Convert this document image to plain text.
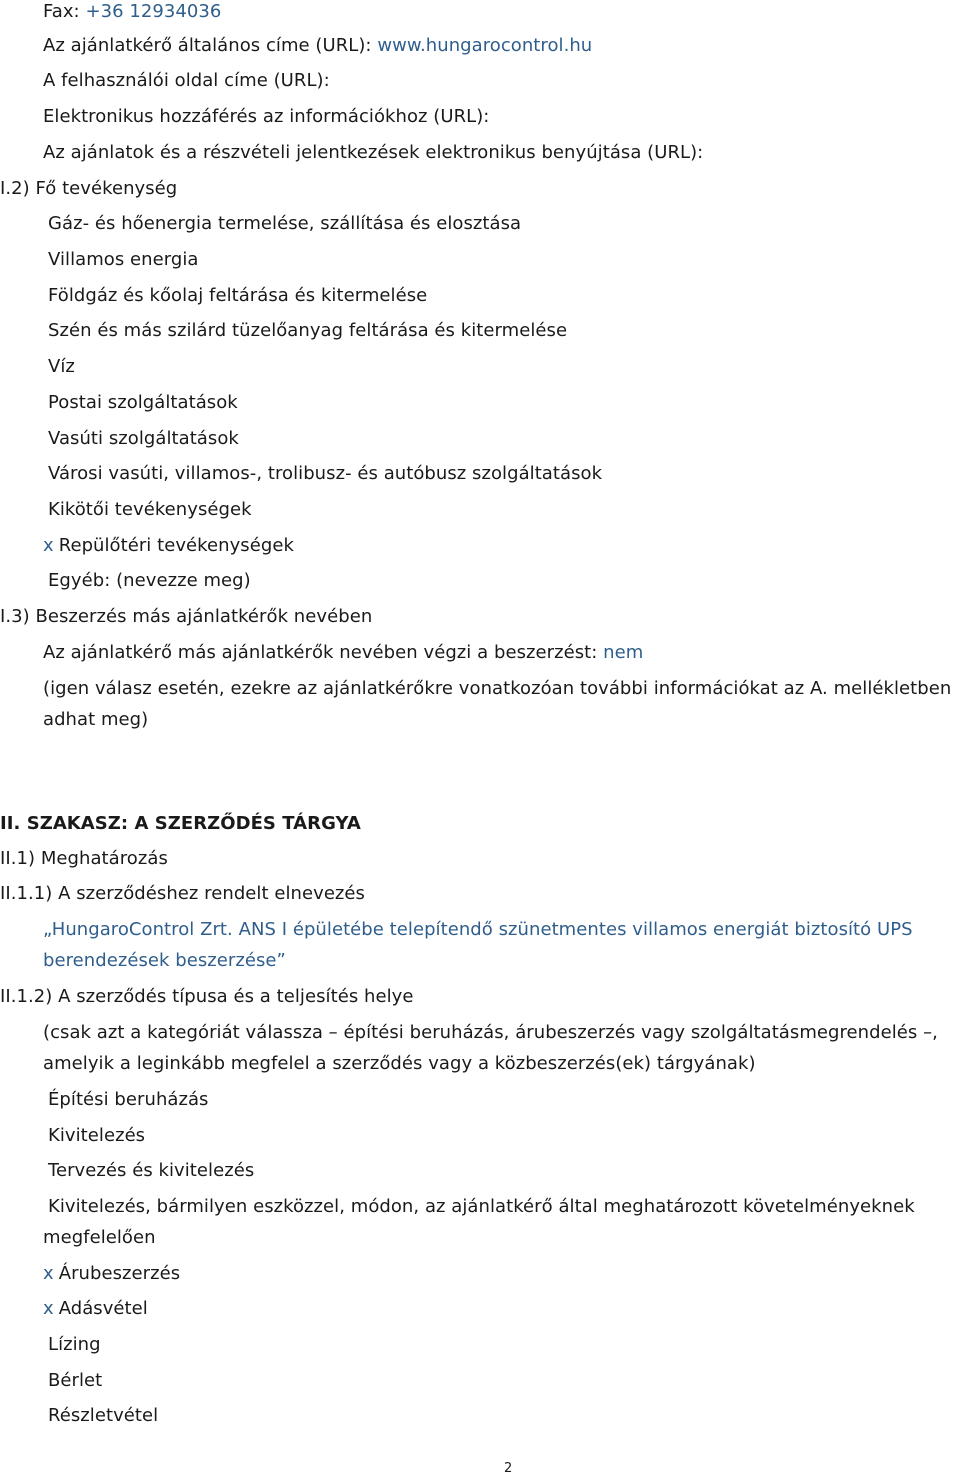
Fax: +36 12934036
Az ajánlatkérő általános címe (URL): www.hungarocontrol.hu
A felhasználói oldal címe (URL):
Elektronikus hozzáférés az információkhoz (URL):
Az ajánlatok és a részvételi jelentkezések elektronikus benyújtása (URL):
I.2) Fő tevékenység
Gáz- és hőenergia termelése, szállítása és elosztása
Villamos energia
Földgáz és kőolaj feltárása és kitermelése
Szén és más szilárd tüzelőanyag feltárása és kitermelése
Víz
Postai szolgáltatások
Vasúti szolgáltatások
Városi vasúti, villamos-, trolibusz- és autóbusz szolgáltatások
Kikötői tevékenységek
x Repülőtéri tevékenységek
Egyéb: (nevezze meg)
I.3) Beszerzés más ajánlatkérők nevében
Az ajánlatkérő más ajánlatkérők nevében végzi a beszerzést: nem
(igen válasz esetén, ezekre az ajánlatkérőkre vonatkozóan további információkat az A. mellékletben
adhat meg)
II. SZAKASZ: A SZERZŐDÉS TÁRGYA
II.1) Meghatározás
II.1.1) A szerződéshez rendelt elnevezés
„HungaroControl Zrt. ANS I épületébe telepítendő szünetmentes villamos energiát biztosító UPS
berendezések beszerzése”
II.1.2) A szerződés típusa és a teljesítés helye
(csak azt a kategóriát válassza – építési beruházás, árubeszerzés vagy szolgáltatásmegrendelés –,
amelyik a leginkább megfelel a szerződés vagy a közbeszerzés(ek) tárgyának)
Építési beruházás
Kivitelezés
Tervezés és kivitelezés
Kivitelezés, bármilyen eszközzel, módon, az ajánlatkérő által meghatározott követelményeknek
megfelelően
x Árubeszerzés
x Adásvétel
Lízing
Bérlet
Részletvétel
2
